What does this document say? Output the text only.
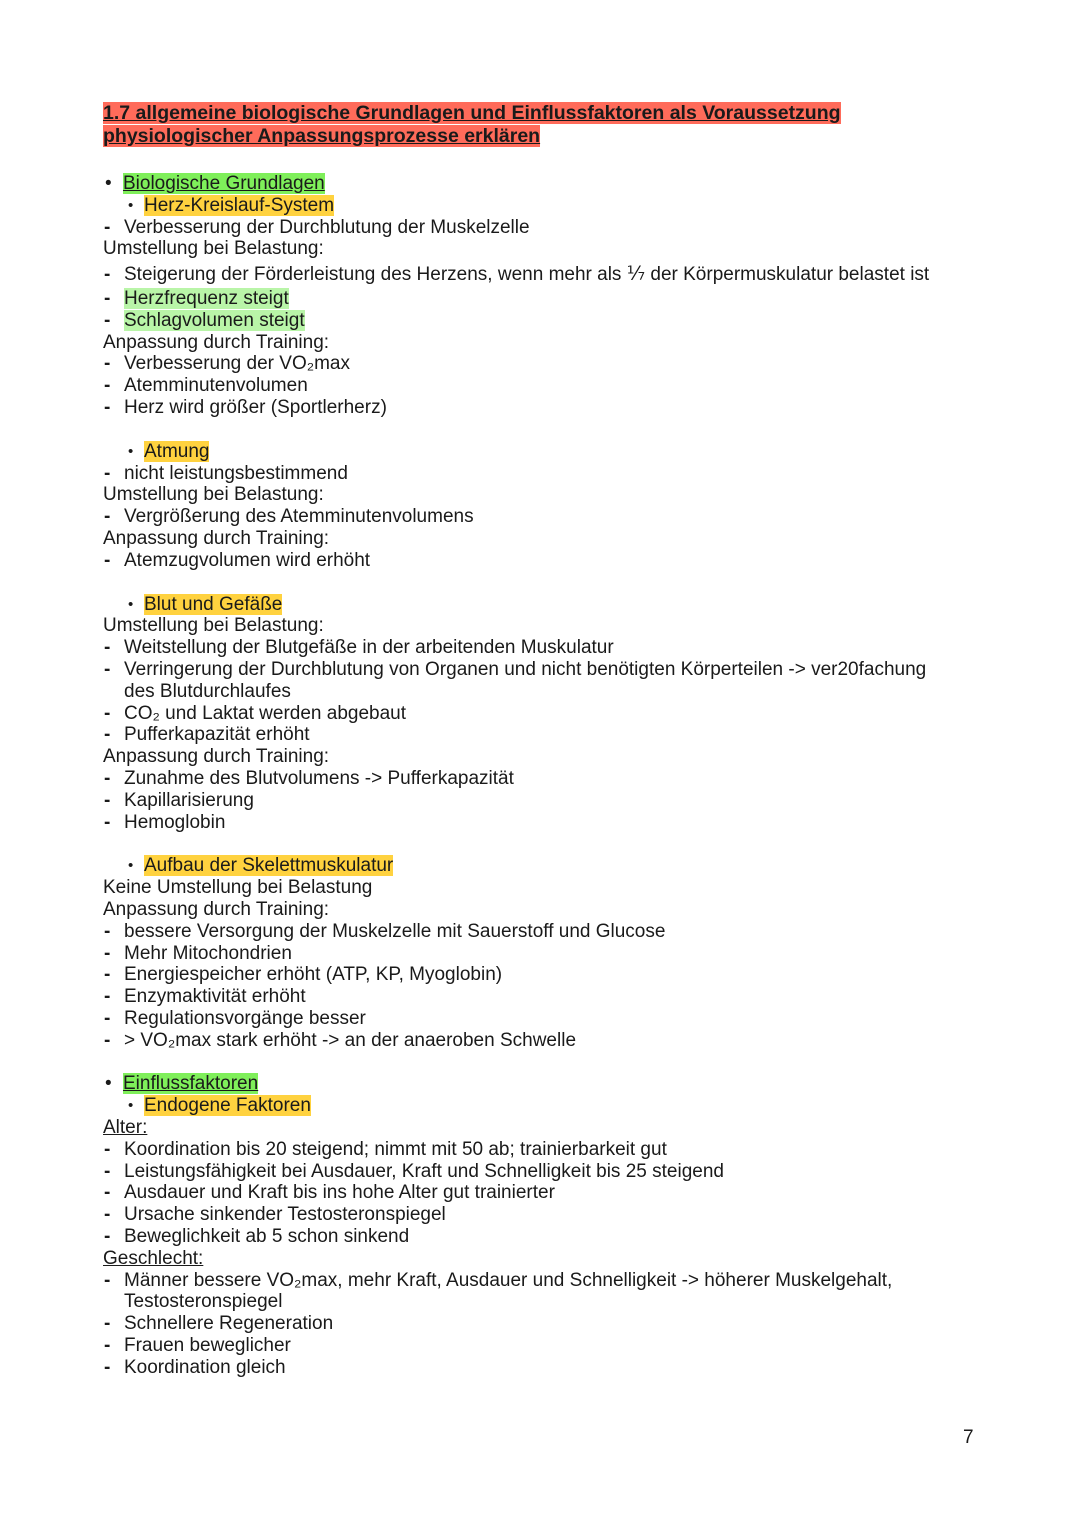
1.7 allgemeine biologische Grundlagen und Einflussfaktoren als Voraussetzung
physiologischer Anpassungsprozesse erklären
• Biologische Grundlagen
• Herz-Kreislauf-System
- Verbesserung der Durchblutung der Muskelzelle
Umstellung bei Belastung:
- Steigerung der Förderleistung des Herzens, wenn mehr als ⅐ der Körpermuskulatur belastet ist
- Herzfrequenz steigt
- Schlagvolumen steigt
Anpassung durch Training:
- Verbesserung der VO₂max
- Atemminutenvolumen
- Herz wird größer (Sportlerherz)
• Atmung
- nicht leistungsbestimmend
Umstellung bei Belastung:
- Vergrößerung des Atemminutenvolumens
Anpassung durch Training:
- Atemzugvolumen wird erhöht
• Blut und Gefäße
Umstellung bei Belastung:
- Weitstellung der Blutgefäße in der arbeitenden Muskulatur
- Verringerung der Durchblutung von Organen und nicht benötigten Körperteilen -> ver20fachung
des Blutdurchlaufes
- CO₂ und Laktat werden abgebaut
- Pufferkapazität erhöht
Anpassung durch Training:
- Zunahme des Blutvolumens -> Pufferkapazität
- Kapillarisierung
- Hemoglobin
• Aufbau der Skelettmuskulatur
Keine Umstellung bei Belastung
Anpassung durch Training:
- bessere Versorgung der Muskelzelle mit Sauerstoff und Glucose
- Mehr Mitochondrien
- Energiespeicher erhöht (ATP, KP, Myoglobin)
- Enzymaktivität erhöht
- Regulationsvorgänge besser
- > VO₂max stark erhöht -> an der anaeroben Schwelle
• Einflussfaktoren
• Endogene Faktoren
Alter:
- Koordination bis 20 steigend; nimmt mit 50 ab; trainierbarkeit gut
- Leistungsfähigkeit bei Ausdauer, Kraft und Schnelligkeit bis 25 steigend
- Ausdauer und Kraft bis ins hohe Alter gut trainierter
- Ursache sinkender Testosteronspiegel
- Beweglichkeit ab 5 schon sinkend
Geschlecht:
- Männer bessere VO₂max, mehr Kraft, Ausdauer und Schnelligkeit -> höherer Muskelgehalt,
Testosteronspiegel
- Schnellere Regeneration
- Frauen beweglicher
- Koordination gleich
7
